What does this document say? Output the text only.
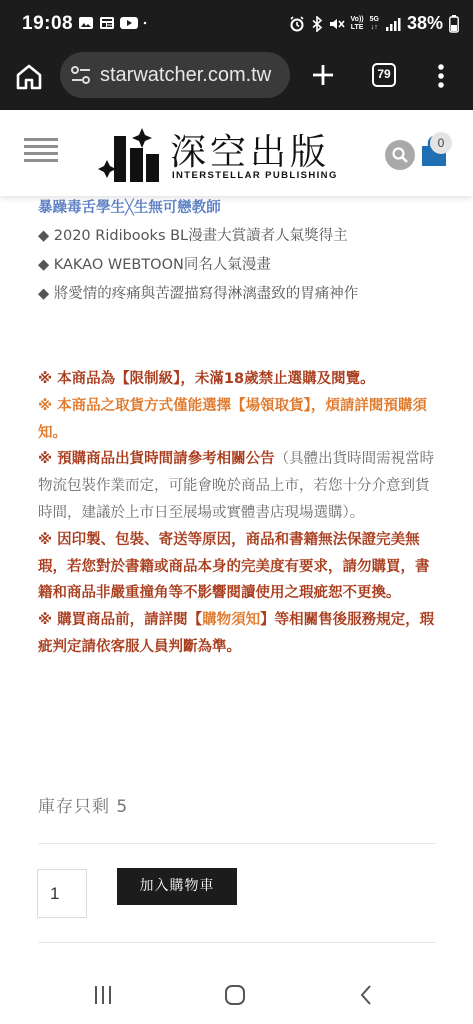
19:08	Vo))
LTE
5G
↓↑ 38%
starwatcher.com.tw	79
深空出版
INTERSTELLAR PUBLISHING
0
暴躁毒舌學生╳生無可戀教師
◆ 2020 Ridibooks BL漫畫大賞讀者人氣獎得主
◆ KAKAO WEBTOON同名人氣漫畫
◆ 將愛情的疼痛與苦澀描寫得淋漓盡致的胃痛神作

※ 本商品為【限制級】，未滿18歲禁止選購及閱覽。

※ 本商品之取貨方式僅能選擇【場領取貨】，煩請詳閱預購須知。

※ 預購商品出貨時間請參考相關公告（具體出貨時間需視當時物流包裝作業而定，可能會晚於商品上市，若您十分介意到貨時間，建議於上市日至展場或實體書店現場選購）。

※ 因印製、包裝、寄送等原因，商品和書籍無法保證完美無瑕，若您對於書籍或商品本身的完美度有要求，請勿購買，書籍和商品非嚴重撞角等不影響閱讀使用之瑕疵恕不更換。

※ 購買商品前，請詳閱【購物須知】等相關售後服務規定，瑕疵判定請依客服人員判斷為準。

庫存只剩 5
1	加入購物車
